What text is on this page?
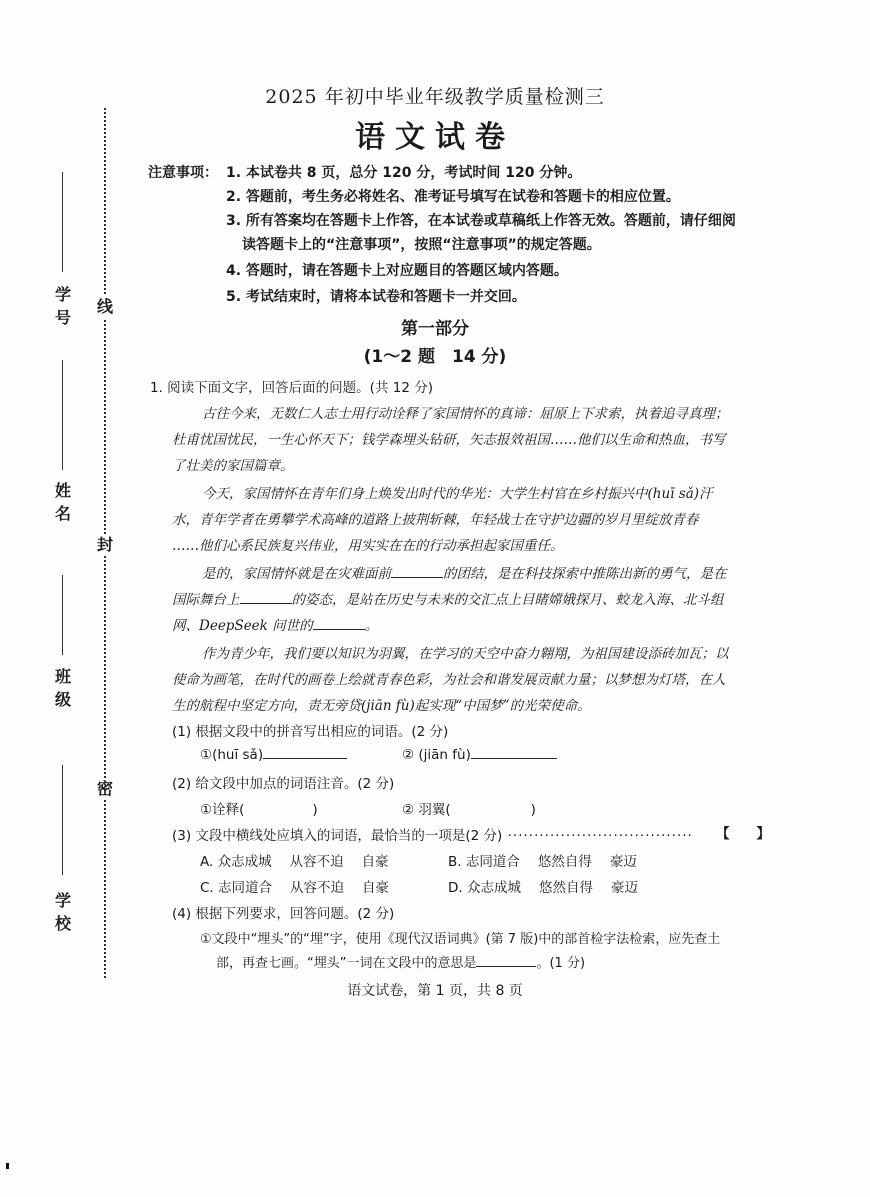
线
封
密
学
号
姓
名
班
级
学
校
2025 年初中毕业年级教学质量检测三
语文试卷
注意事项： 1. 本试卷共 8 页，总分 120 分，考试时间 120 分钟。
2. 答题前，考生务必将姓名、准考证号填写在试卷和答题卡的相应位置。
3. 所有答案均在答题卡上作答，在本试卷或草稿纸上作答无效。答题前，请仔细阅
读答题卡上的“注意事项”，按照“注意事项”的规定答题。
4. 答题时，请在答题卡上对应题目的答题区域内答题。
5. 考试结束时，请将本试卷和答题卡一并交回。
第一部分
(1～2 题　14 分)
1. 阅读下面文字，回答后面的问题。(共 12 分)
古往今来，无数仁人志士用行动诠释了家国情怀的真谛：屈原上下求索，执着追寻真理；
杜甫忧国忧民，一生心怀天下；钱学森埋头钻研，矢志报效祖国……他们以生命和热血，书写
了壮美的家国篇章。
今天，家国情怀在青年们身上焕发出时代的华光：大学生村官在乡村振兴中(huī sǎ)汗
水，青年学者在勇攀学术高峰的道路上披荆斩棘，年轻战士在守护边疆的岁月里绽放青春
……他们心系民族复兴伟业，用实实在在的行动承担起家国重任。
是的，家国情怀就是在灾难面前	的团结，是在科技探索中推陈出新的勇气，是在
国际舞台上	的姿态，是站在历史与未来的交汇点上目睹嫦娥探月、蛟龙入海、北斗组
网、DeepSeek 问世的	。
作为青少年，我们要以知识为羽翼，在学习的天空中奋力翱翔，为祖国建设添砖加瓦；以
使命为画笔，在时代的画卷上绘就青春色彩，为社会和谐发展贡献力量；以梦想为灯塔，在人
生的航程中坚定方向，责无旁贷(jiān fù)起实现“中国梦”的光荣使命。
(1) 根据文段中的拼音写出相应的词语。(2 分)
①(huī sǎ)	② (jiān fù)
(2) 给文段中加点的词语注音。(2 分)
①诠释(	)	② 羽翼(	)
(3) 文段中横线处应填入的词语，最恰当的一项是(2 分) ··································· 【　　】
A. 众志成城 从容不迫 自豪	B. 志同道合 悠然自得 豪迈
C. 志同道合 从容不迫 自豪	D. 众志成城 悠然自得 豪迈
(4) 根据下列要求，回答问题。(2 分)
①文段中“埋头”的“埋”字，使用《现代汉语词典》(第 7 版)中的部首检字法检索，应先查土
部，再查七画。“埋头”一词在文段中的意思是	。(1 分)
语文试卷，第 1 页，共 8 页
